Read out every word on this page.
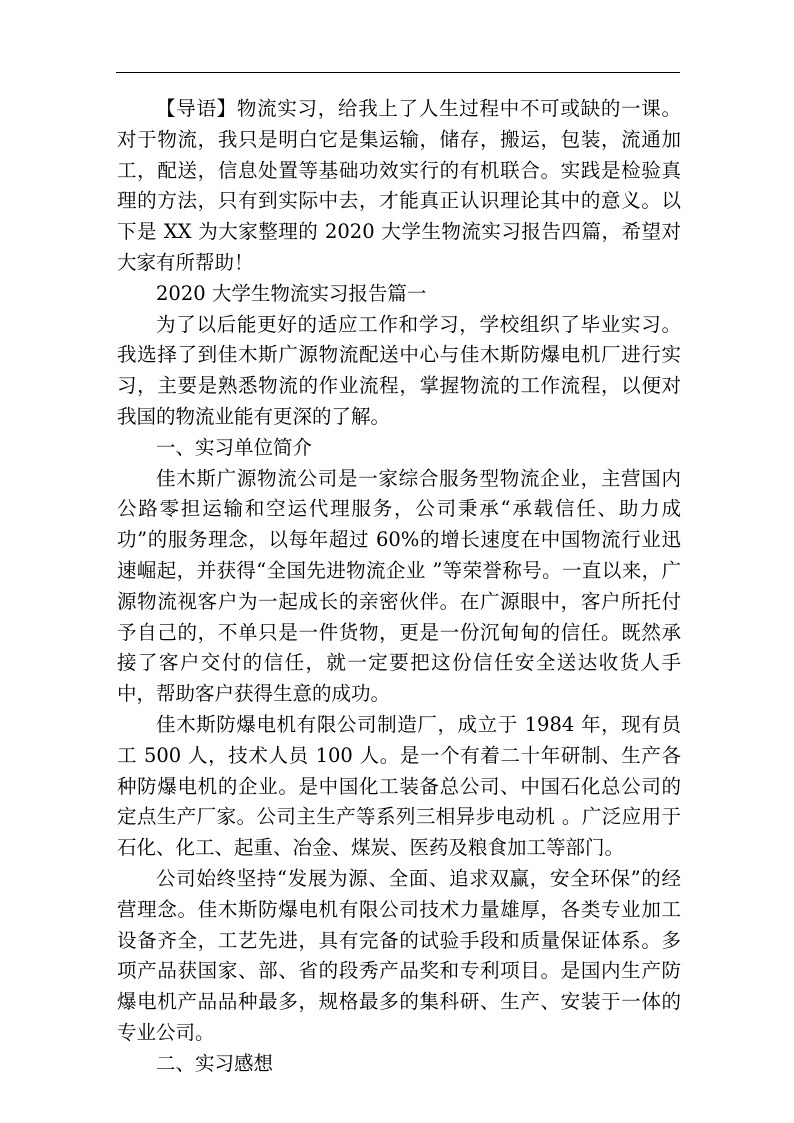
【导语】物流实习，给我上了人生过程中不可或缺的一课。对于物流，我只是明白它是集运输，储存，搬运，包装，流通加工，配送，信息处置等基础功效实行的有机联合。实践是检验真理的方法，只有到实际中去，才能真正认识理论其中的意义。以下是 XX 为大家整理的 2020 大学生物流实习报告四篇，希望对大家有所帮助！

2020 大学生物流实习报告篇一

为了以后能更好的适应工作和学习，学校组织了毕业实习。我选择了到佳木斯广源物流配送中心与佳木斯防爆电机厂进行实习，主要是熟悉物流的作业流程，掌握物流的工作流程，以便对我国的物流业能有更深的了解。

一、实习单位简介

佳木斯广源物流公司是一家综合服务型物流企业，主营国内公路零担运输和空运代理服务，公司秉承“承载信任、助力成功”的服务理念，以每年超过 60%的增长速度在中国物流行业迅速崛起，并获得“全国先进物流企业 ”等荣誉称号。一直以来，广源物流视客户为一起成长的亲密伙伴。在广源眼中，客户所托付予自己的，不单只是一件货物，更是一份沉甸甸的信任。既然承接了客户交付的信任，就一定要把这份信任安全送达收货人手中，帮助客户获得生意的成功。

佳木斯防爆电机有限公司制造厂，成立于 1984 年，现有员工 500 人，技术人员 100 人。是一个有着二十年研制、生产各种防爆电机的企业。是中国化工装备总公司、中国石化总公司的定点生产厂家。公司主生产等系列三相异步电动机 。广泛应用于石化、化工、起重、冶金、煤炭、医药及粮食加工等部门。

公司始终坚持“发展为源、全面、追求双赢，安全环保”的经营理念。佳木斯防爆电机有限公司技术力量雄厚，各类专业加工设备齐全，工艺先进，具有完备的试验手段和质量保证体系。多项产品获国家、部、省的段秀产品奖和专利项目。是国内生产防爆电机产品品种最多，规格最多的集科研、生产、安装于一体的专业公司。

二、实习感想
